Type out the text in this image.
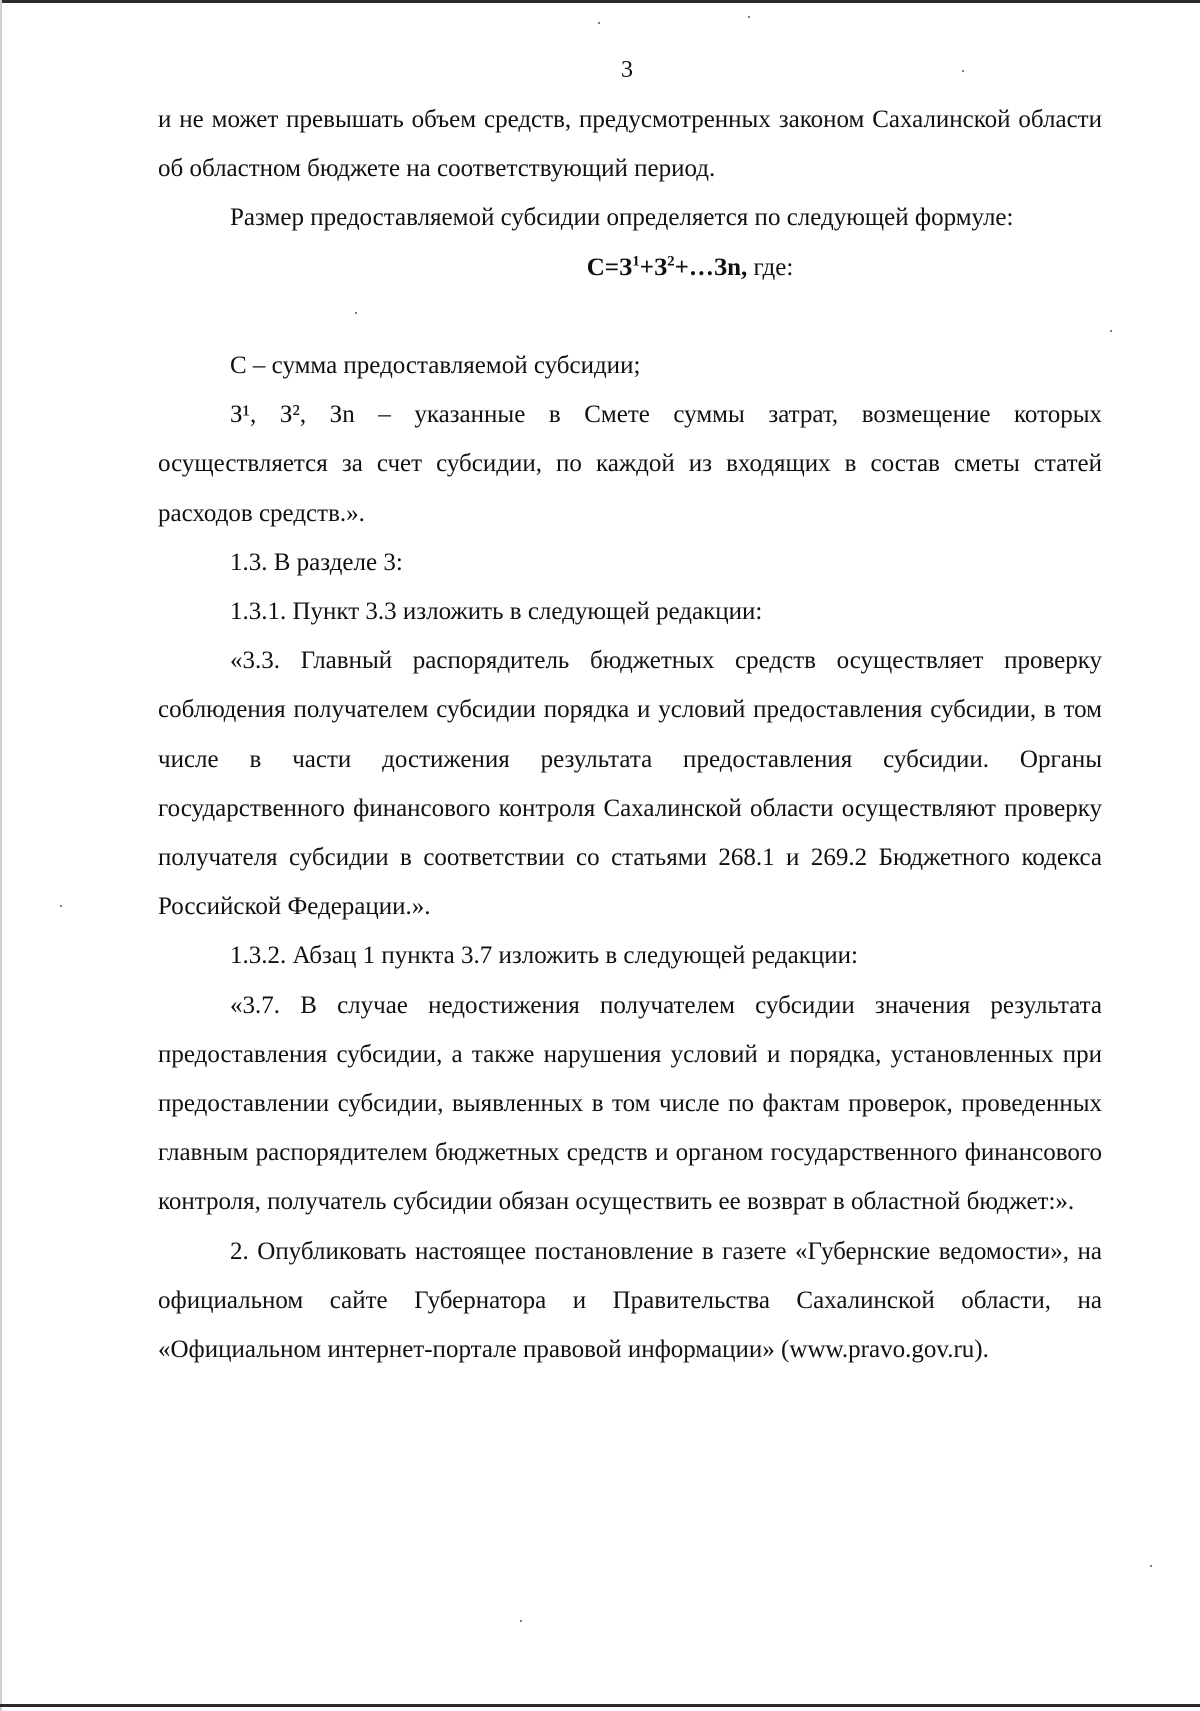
3

и не может превышать объем средств, предусмотренных законом Сахалинской области об областном бюджете на соответствующий период.

Размер предоставляемой субсидии определяется по следующей формуле:

$С=З^1+З^2+\dots Зn$, где:

С – сумма предоставляемой субсидии;

З¹, З², Зn – указанные в Смете суммы затрат, возмещение которых осуществляется за счет субсидии, по каждой из входящих в состав сметы статей расходов средств.».

1.3. В разделе 3:

1.3.1. Пункт 3.3 изложить в следующей редакции:

«3.3. Главный распорядитель бюджетных средств осуществляет проверку соблюдения получателем субсидии порядка и условий предоставления субсидии, в том числе в части достижения результата предоставления субсидии. Органы государственного финансового контроля Сахалинской области осуществляют проверку получателя субсидии в соответствии со статьями 268.1 и 269.2 Бюджетного кодекса Российской Федерации.».

1.3.2. Абзац 1 пункта 3.7 изложить в следующей редакции:

«3.7. В случае недостижения получателем субсидии значения результата предоставления субсидии, а также нарушения условий и порядка, установленных при предоставлении субсидии, выявленных в том числе по фактам проверок, проведенных главным распорядителем бюджетных средств и органом государственного финансового контроля, получатель субсидии обязан осуществить ее возврат в областной бюджет:».

2. Опубликовать настоящее постановление в газете «Губернские ведомости», на официальном сайте Губернатора и Правительства Сахалинской области, на «Официальном интернет-портале правовой информации» (www.pravo.gov.ru).
